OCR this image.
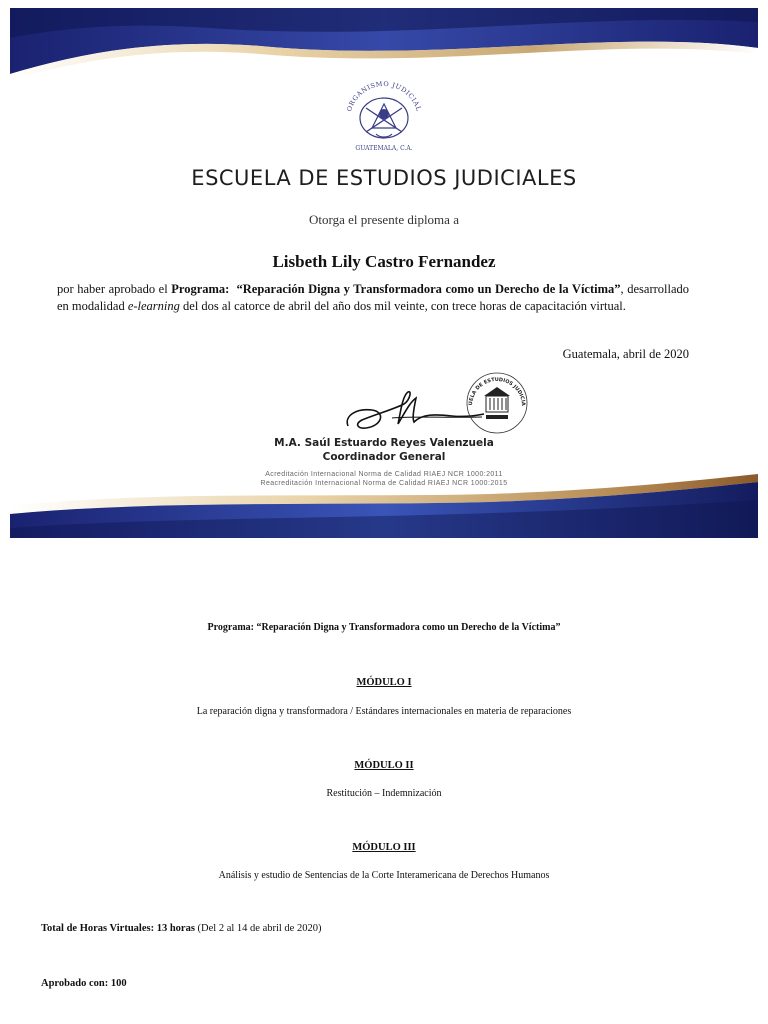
ORGANISMO JUDICIAL
GUATEMALA, C.A.
ESCUELA DE ESTUDIOS JUDICIALES
Otorga el presente diploma a
Lisbeth Lily Castro Fernandez
por haber aprobado el Programa: “Reparación Digna y Transformadora como un Derecho de la Víctima”, desarrollado en modalidad e-learning del dos al catorce de abril del año dos mil veinte, con trece horas de capacitación virtual.
Guatemala, abril de 2020
UELA DE ESTUDIOS JUDICIA
M.A. Saúl Estuardo Reyes Valenzuela
Coordinador General
Acreditación Internacional Norma de Calidad RIAEJ NCR 1000:2011
Reacreditación Internacional Norma de Calidad RIAEJ NCR 1000:2015
Programa: “Reparación Digna y Transformadora como un Derecho de la Víctima”
MÓDULO I
La reparación digna y transformadora / Estándares internacionales en materia de reparaciones
MÓDULO II
Restitución – Indemnización
MÓDULO III
Análisis y estudio de Sentencias de la Corte Interamericana de Derechos Humanos
Total de Horas Virtuales: 13 horas (Del 2 al 14 de abril de 2020)
Aprobado con: 100
